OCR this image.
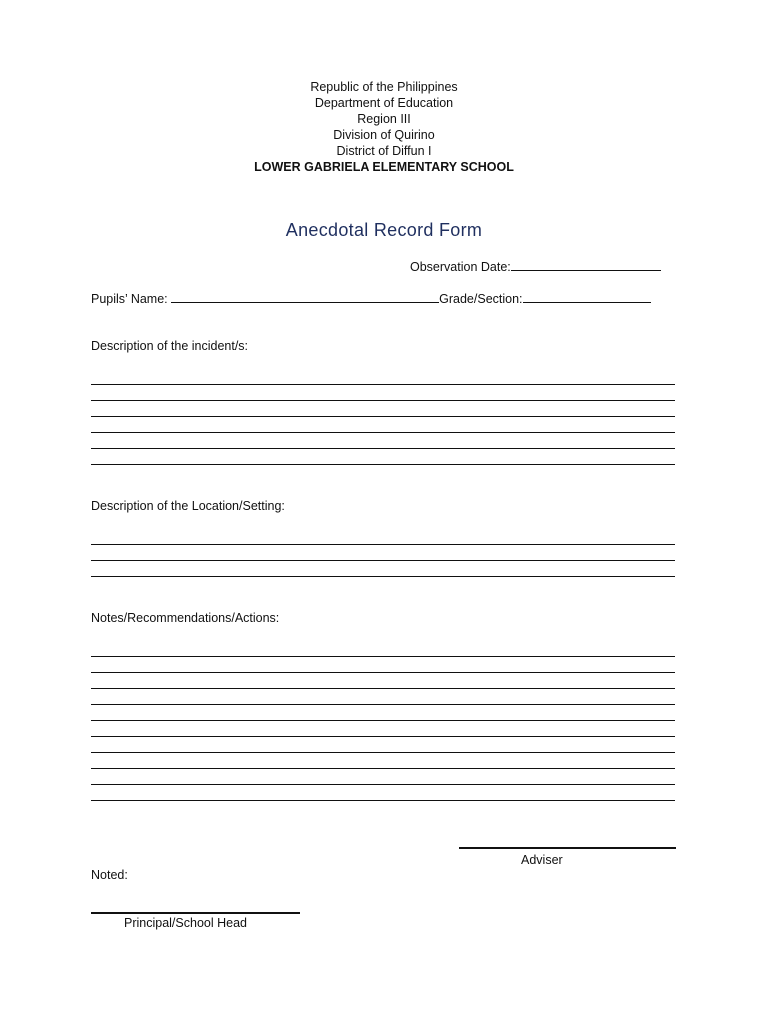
Republic of the Philippines
Department of Education
Region III
Division of Quirino
District of Diffun I
LOWER GABRIELA ELEMENTARY SCHOOL
Anecdotal Record Form
Observation Date:
Pupils’ Name:	Grade/Section:
Description of the incident/s:
Description of the Location/Setting:
Notes/Recommendations/Actions:
Adviser
Noted:
Principal/School Head
